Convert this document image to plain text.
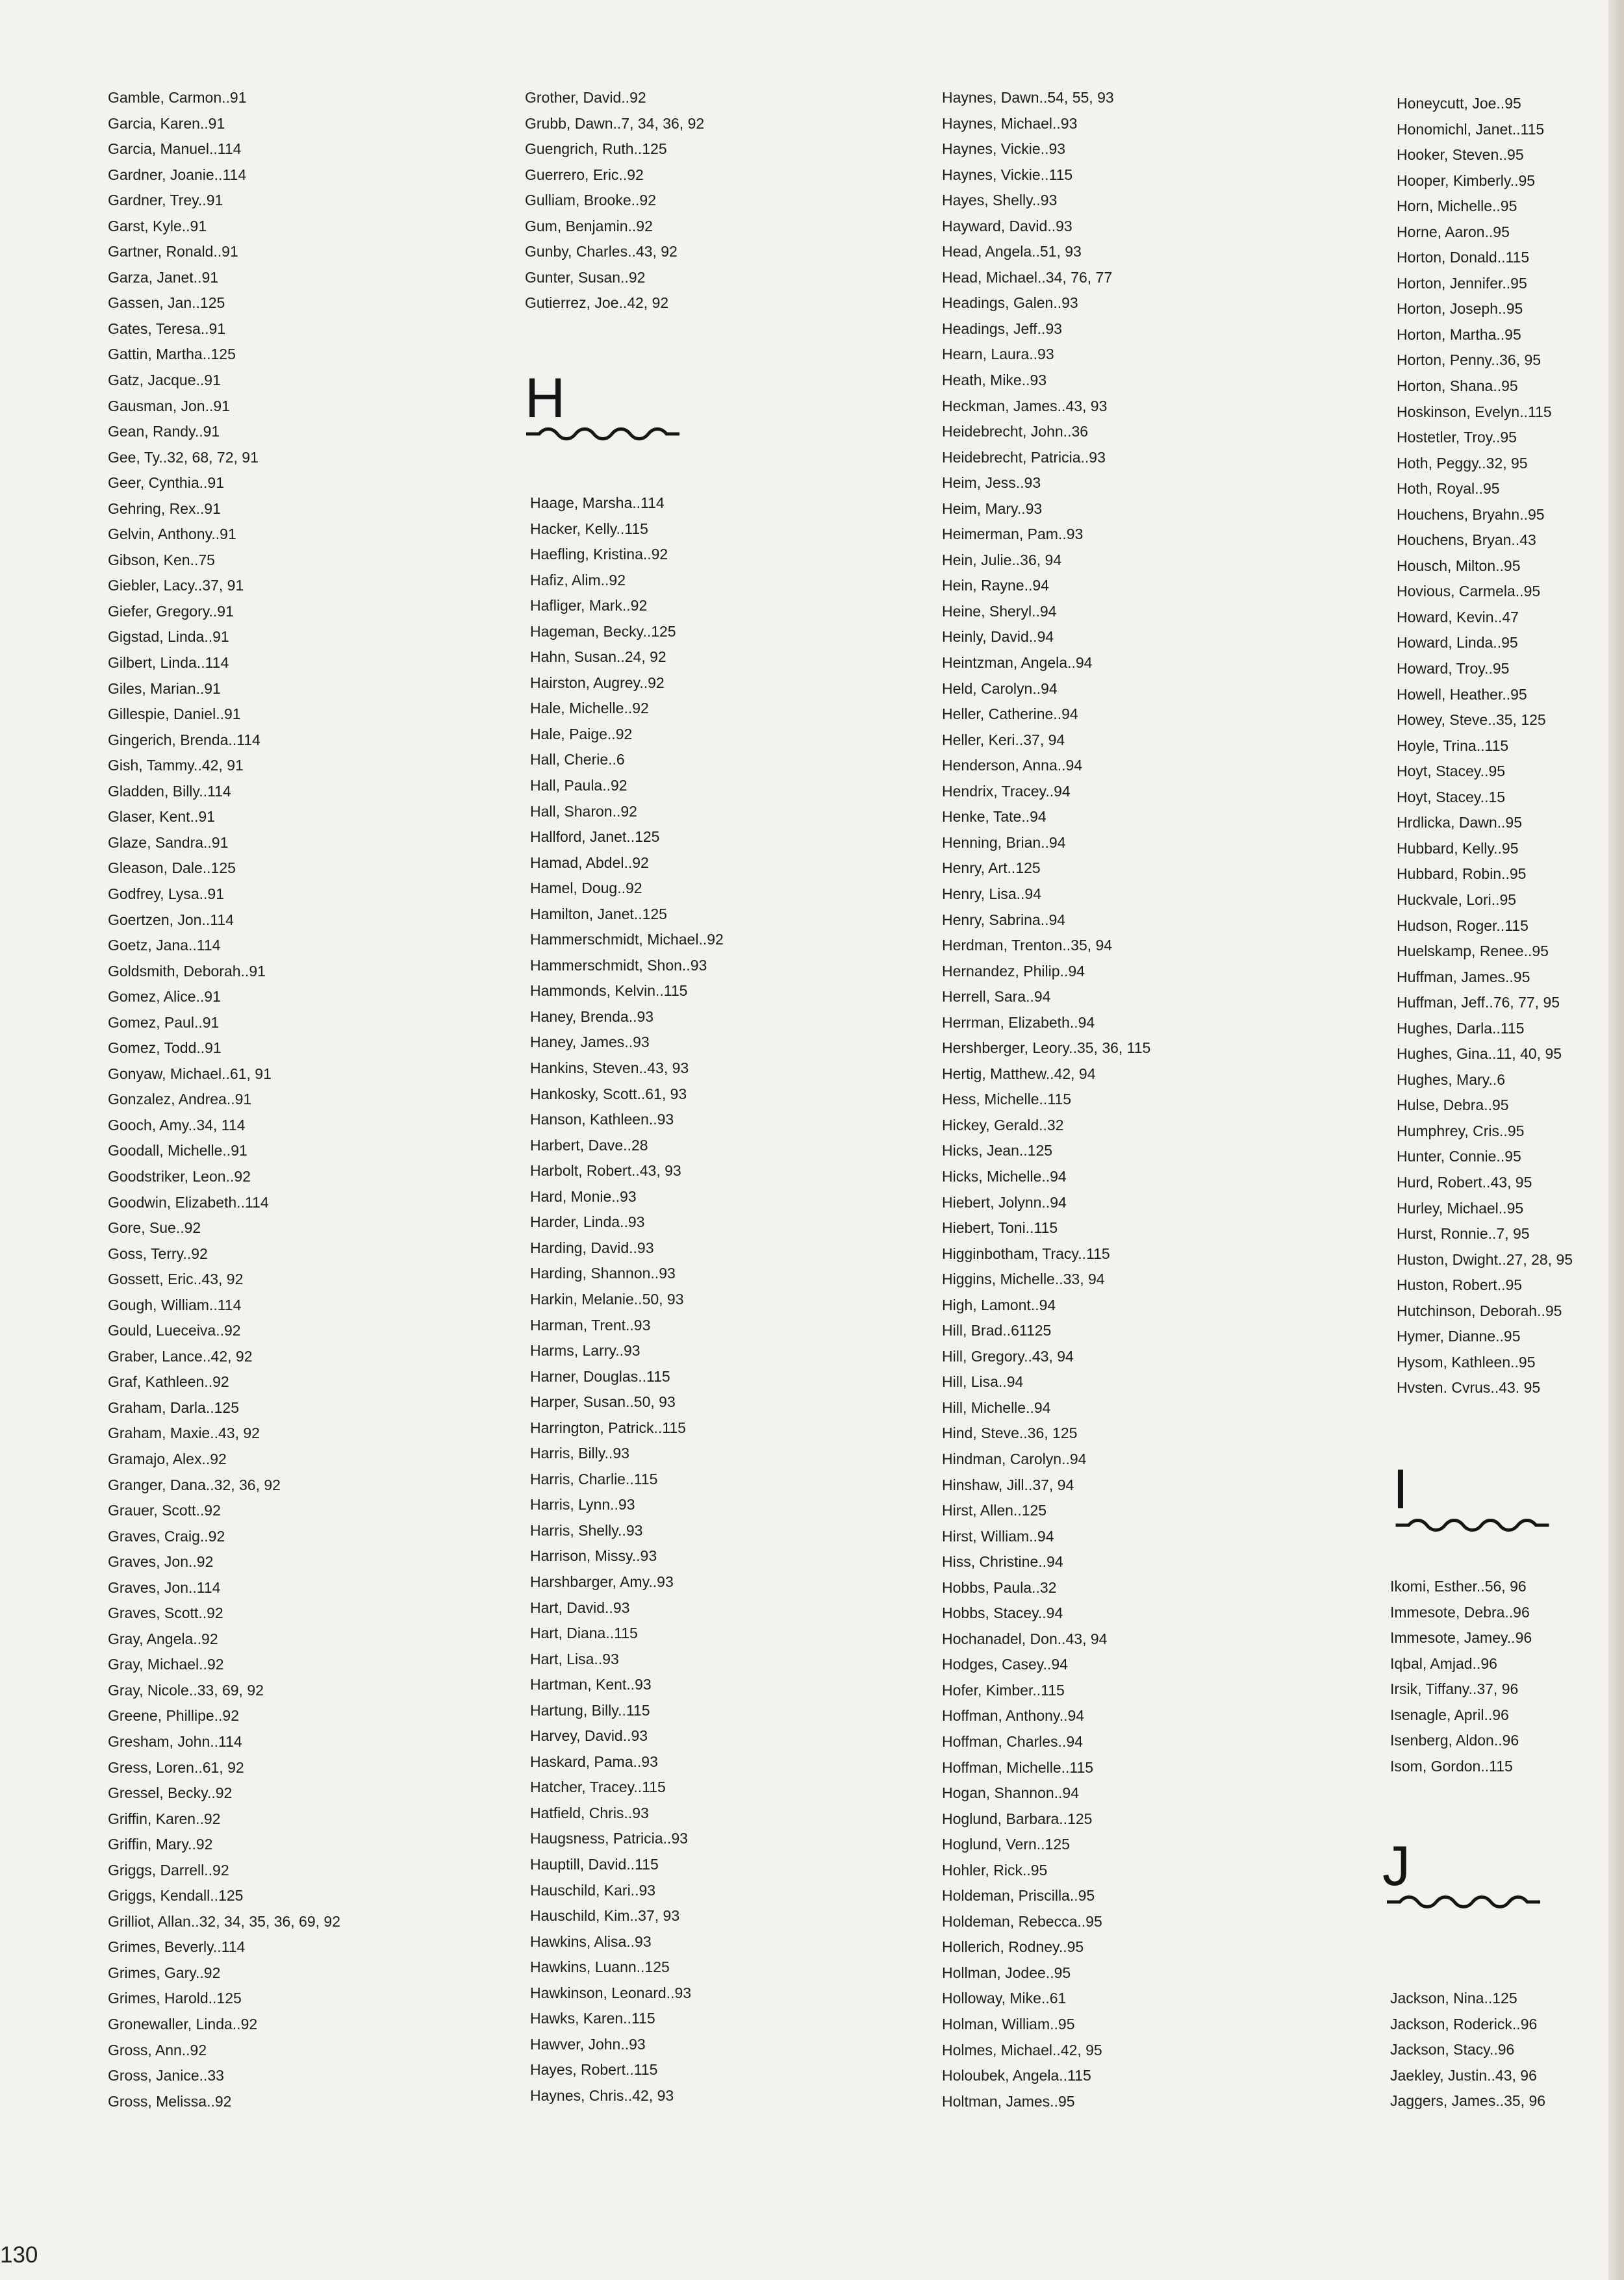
Gamble, Carmon..91
Garcia, Karen..91
Garcia, Manuel..114
Gardner, Joanie..114
Gardner, Trey..91
Garst, Kyle..91
Gartner, Ronald..91
Garza, Janet..91
Gassen, Jan..125
Gates, Teresa..91
Gattin, Martha..125
Gatz, Jacque..91
Gausman, Jon..91
Gean, Randy..91
Gee, Ty..32, 68, 72, 91
Geer, Cynthia..91
Gehring, Rex..91
Gelvin, Anthony..91
Gibson, Ken..75
Giebler, Lacy..37, 91
Giefer, Gregory..91
Gigstad, Linda..91
Gilbert, Linda..114
Giles, Marian..91
Gillespie, Daniel..91
Gingerich, Brenda..114
Gish, Tammy..42, 91
Gladden, Billy..114
Glaser, Kent..91
Glaze, Sandra..91
Gleason, Dale..125
Godfrey, Lysa..91
Goertzen, Jon..114
Goetz, Jana..114
Goldsmith, Deborah..91
Gomez, Alice..91
Gomez, Paul..91
Gomez, Todd..91
Gonyaw, Michael..61, 91
Gonzalez, Andrea..91
Gooch, Amy..34, 114
Goodall, Michelle..91
Goodstriker, Leon..92
Goodwin, Elizabeth..114
Gore, Sue..92
Goss, Terry..92
Gossett, Eric..43, 92
Gough, William..114
Gould, Lueceiva..92
Graber, Lance..42, 92
Graf, Kathleen..92
Graham, Darla..125
Graham, Maxie..43, 92
Gramajo, Alex..92
Granger, Dana..32, 36, 92
Grauer, Scott..92
Graves, Craig..92
Graves, Jon..92
Graves, Jon..114
Graves, Scott..92
Gray, Angela..92
Gray, Michael..92
Gray, Nicole..33, 69, 92
Greene, Phillipe..92
Gresham, John..114
Gress, Loren..61, 92
Gressel, Becky..92
Griffin, Karen..92
Griffin, Mary..92
Griggs, Darrell..92
Griggs, Kendall..125
Grilliot, Allan..32, 34, 35, 36, 69, 92
Grimes, Beverly..114
Grimes, Gary..92
Grimes, Harold..125
Gronewaller, Linda..92
Gross, Ann..92
Gross, Janice..33
Gross, Melissa..92
Grother, David..92
Grubb, Dawn..7, 34, 36, 92
Guengrich, Ruth..125
Guerrero, Eric..92
Gulliam, Brooke..92
Gum, Benjamin..92
Gunby, Charles..43, 92
Gunter, Susan..92
Gutierrez, Joe..42, 92
H
Haage, Marsha..114
Hacker, Kelly..115
Haefling, Kristina..92
Hafiz, Alim..92
Hafliger, Mark..92
Hageman, Becky..125
Hahn, Susan..24, 92
Hairston, Augrey..92
Hale, Michelle..92
Hale, Paige..92
Hall, Cherie..6
Hall, Paula..92
Hall, Sharon..92
Hallford, Janet..125
Hamad, Abdel..92
Hamel, Doug..92
Hamilton, Janet..125
Hammerschmidt, Michael..92
Hammerschmidt, Shon..93
Hammonds, Kelvin..115
Haney, Brenda..93
Haney, James..93
Hankins, Steven..43, 93
Hankosky, Scott..61, 93
Hanson, Kathleen..93
Harbert, Dave..28
Harbolt, Robert..43, 93
Hard, Monie..93
Harder, Linda..93
Harding, David..93
Harding, Shannon..93
Harkin, Melanie..50, 93
Harman, Trent..93
Harms, Larry..93
Harner, Douglas..115
Harper, Susan..50, 93
Harrington, Patrick..115
Harris, Billy..93
Harris, Charlie..115
Harris, Lynn..93
Harris, Shelly..93
Harrison, Missy..93
Harshbarger, Amy..93
Hart, David..93
Hart, Diana..115
Hart, Lisa..93
Hartman, Kent..93
Hartung, Billy..115
Harvey, David..93
Haskard, Pama..93
Hatcher, Tracey..115
Hatfield, Chris..93
Haugsness, Patricia..93
Hauptill, David..115
Hauschild, Kari..93
Hauschild, Kim..37, 93
Hawkins, Alisa..93
Hawkins, Luann..125
Hawkinson, Leonard..93
Hawks, Karen..115
Hawver, John..93
Hayes, Robert..115
Haynes, Chris..42, 93
Haynes, Dawn..54, 55, 93
Haynes, Michael..93
Haynes, Vickie..93
Haynes, Vickie..115
Hayes, Shelly..93
Hayward, David..93
Head, Angela..51, 93
Head, Michael..34, 76, 77
Headings, Galen..93
Headings, Jeff..93
Hearn, Laura..93
Heath, Mike..93
Heckman, James..43, 93
Heidebrecht, John..36
Heidebrecht, Patricia..93
Heim, Jess..93
Heim, Mary..93
Heimerman, Pam..93
Hein, Julie..36, 94
Hein, Rayne..94
Heine, Sheryl..94
Heinly, David..94
Heintzman, Angela..94
Held, Carolyn..94
Heller, Catherine..94
Heller, Keri..37, 94
Henderson, Anna..94
Hendrix, Tracey..94
Henke, Tate..94
Henning, Brian..94
Henry, Art..125
Henry, Lisa..94
Henry, Sabrina..94
Herdman, Trenton..35, 94
Hernandez, Philip..94
Herrell, Sara..94
Herrman, Elizabeth..94
Hershberger, Leory..35, 36, 115
Hertig, Matthew..42, 94
Hess, Michelle..115
Hickey, Gerald..32
Hicks, Jean..125
Hicks, Michelle..94
Hiebert, Jolynn..94
Hiebert, Toni..115
Higginbotham, Tracy..115
Higgins, Michelle..33, 94
High, Lamont..94
Hill, Brad..61125
Hill, Gregory..43, 94
Hill, Lisa..94
Hill, Michelle..94
Hind, Steve..36, 125
Hindman, Carolyn..94
Hinshaw, Jill..37, 94
Hirst, Allen..125
Hirst, William..94
Hiss, Christine..94
Hobbs, Paula..32
Hobbs, Stacey..94
Hochanadel, Don..43, 94
Hodges, Casey..94
Hofer, Kimber..115
Hoffman, Anthony..94
Hoffman, Charles..94
Hoffman, Michelle..115
Hogan, Shannon..94
Hoglund, Barbara..125
Hoglund, Vern..125
Hohler, Rick..95
Holdeman, Priscilla..95
Holdeman, Rebecca..95
Hollerich, Rodney..95
Hollman, Jodee..95
Holloway, Mike..61
Holman, William..95
Holmes, Michael..42, 95
Holoubek, Angela..115
Holtman, James..95
Honeycutt, Joe..95
Honomichl, Janet..115
Hooker, Steven..95
Hooper, Kimberly..95
Horn, Michelle..95
Horne, Aaron..95
Horton, Donald..115
Horton, Jennifer..95
Horton, Joseph..95
Horton, Martha..95
Horton, Penny..36, 95
Horton, Shana..95
Hoskinson, Evelyn..115
Hostetler, Troy..95
Hoth, Peggy..32, 95
Hoth, Royal..95
Houchens, Bryahn..95
Houchens, Bryan..43
Housch, Milton..95
Hovious, Carmela..95
Howard, Kevin..47
Howard, Linda..95
Howard, Troy..95
Howell, Heather..95
Howey, Steve..35, 125
Hoyle, Trina..115
Hoyt, Stacey..95
Hoyt, Stacey..15
Hrdlicka, Dawn..95
Hubbard, Kelly..95
Hubbard, Robin..95
Huckvale, Lori..95
Hudson, Roger..115
Huelskamp, Renee..95
Huffman, James..95
Huffman, Jeff..76, 77, 95
Hughes, Darla..115
Hughes, Gina..11, 40, 95
Hughes, Mary..6
Hulse, Debra..95
Humphrey, Cris..95
Hunter, Connie..95
Hurd, Robert..43, 95
Hurley, Michael..95
Hurst, Ronnie..7, 95
Huston, Dwight..27, 28, 95
Huston, Robert..95
Hutchinson, Deborah..95
Hymer, Dianne..95
Hysom, Kathleen..95
Hvsten. Cvrus..43. 95
I
Ikomi, Esther..56, 96
Immesote, Debra..96
Immesote, Jamey..96
Iqbal, Amjad..96
Irsik, Tiffany..37, 96
Isenagle, April..96
Isenberg, Aldon..96
Isom, Gordon..115
J
Jackson, Nina..125
Jackson, Roderick..96
Jackson, Stacy..96
Jaekley, Justin..43, 96
Jaggers, James..35, 96
130
